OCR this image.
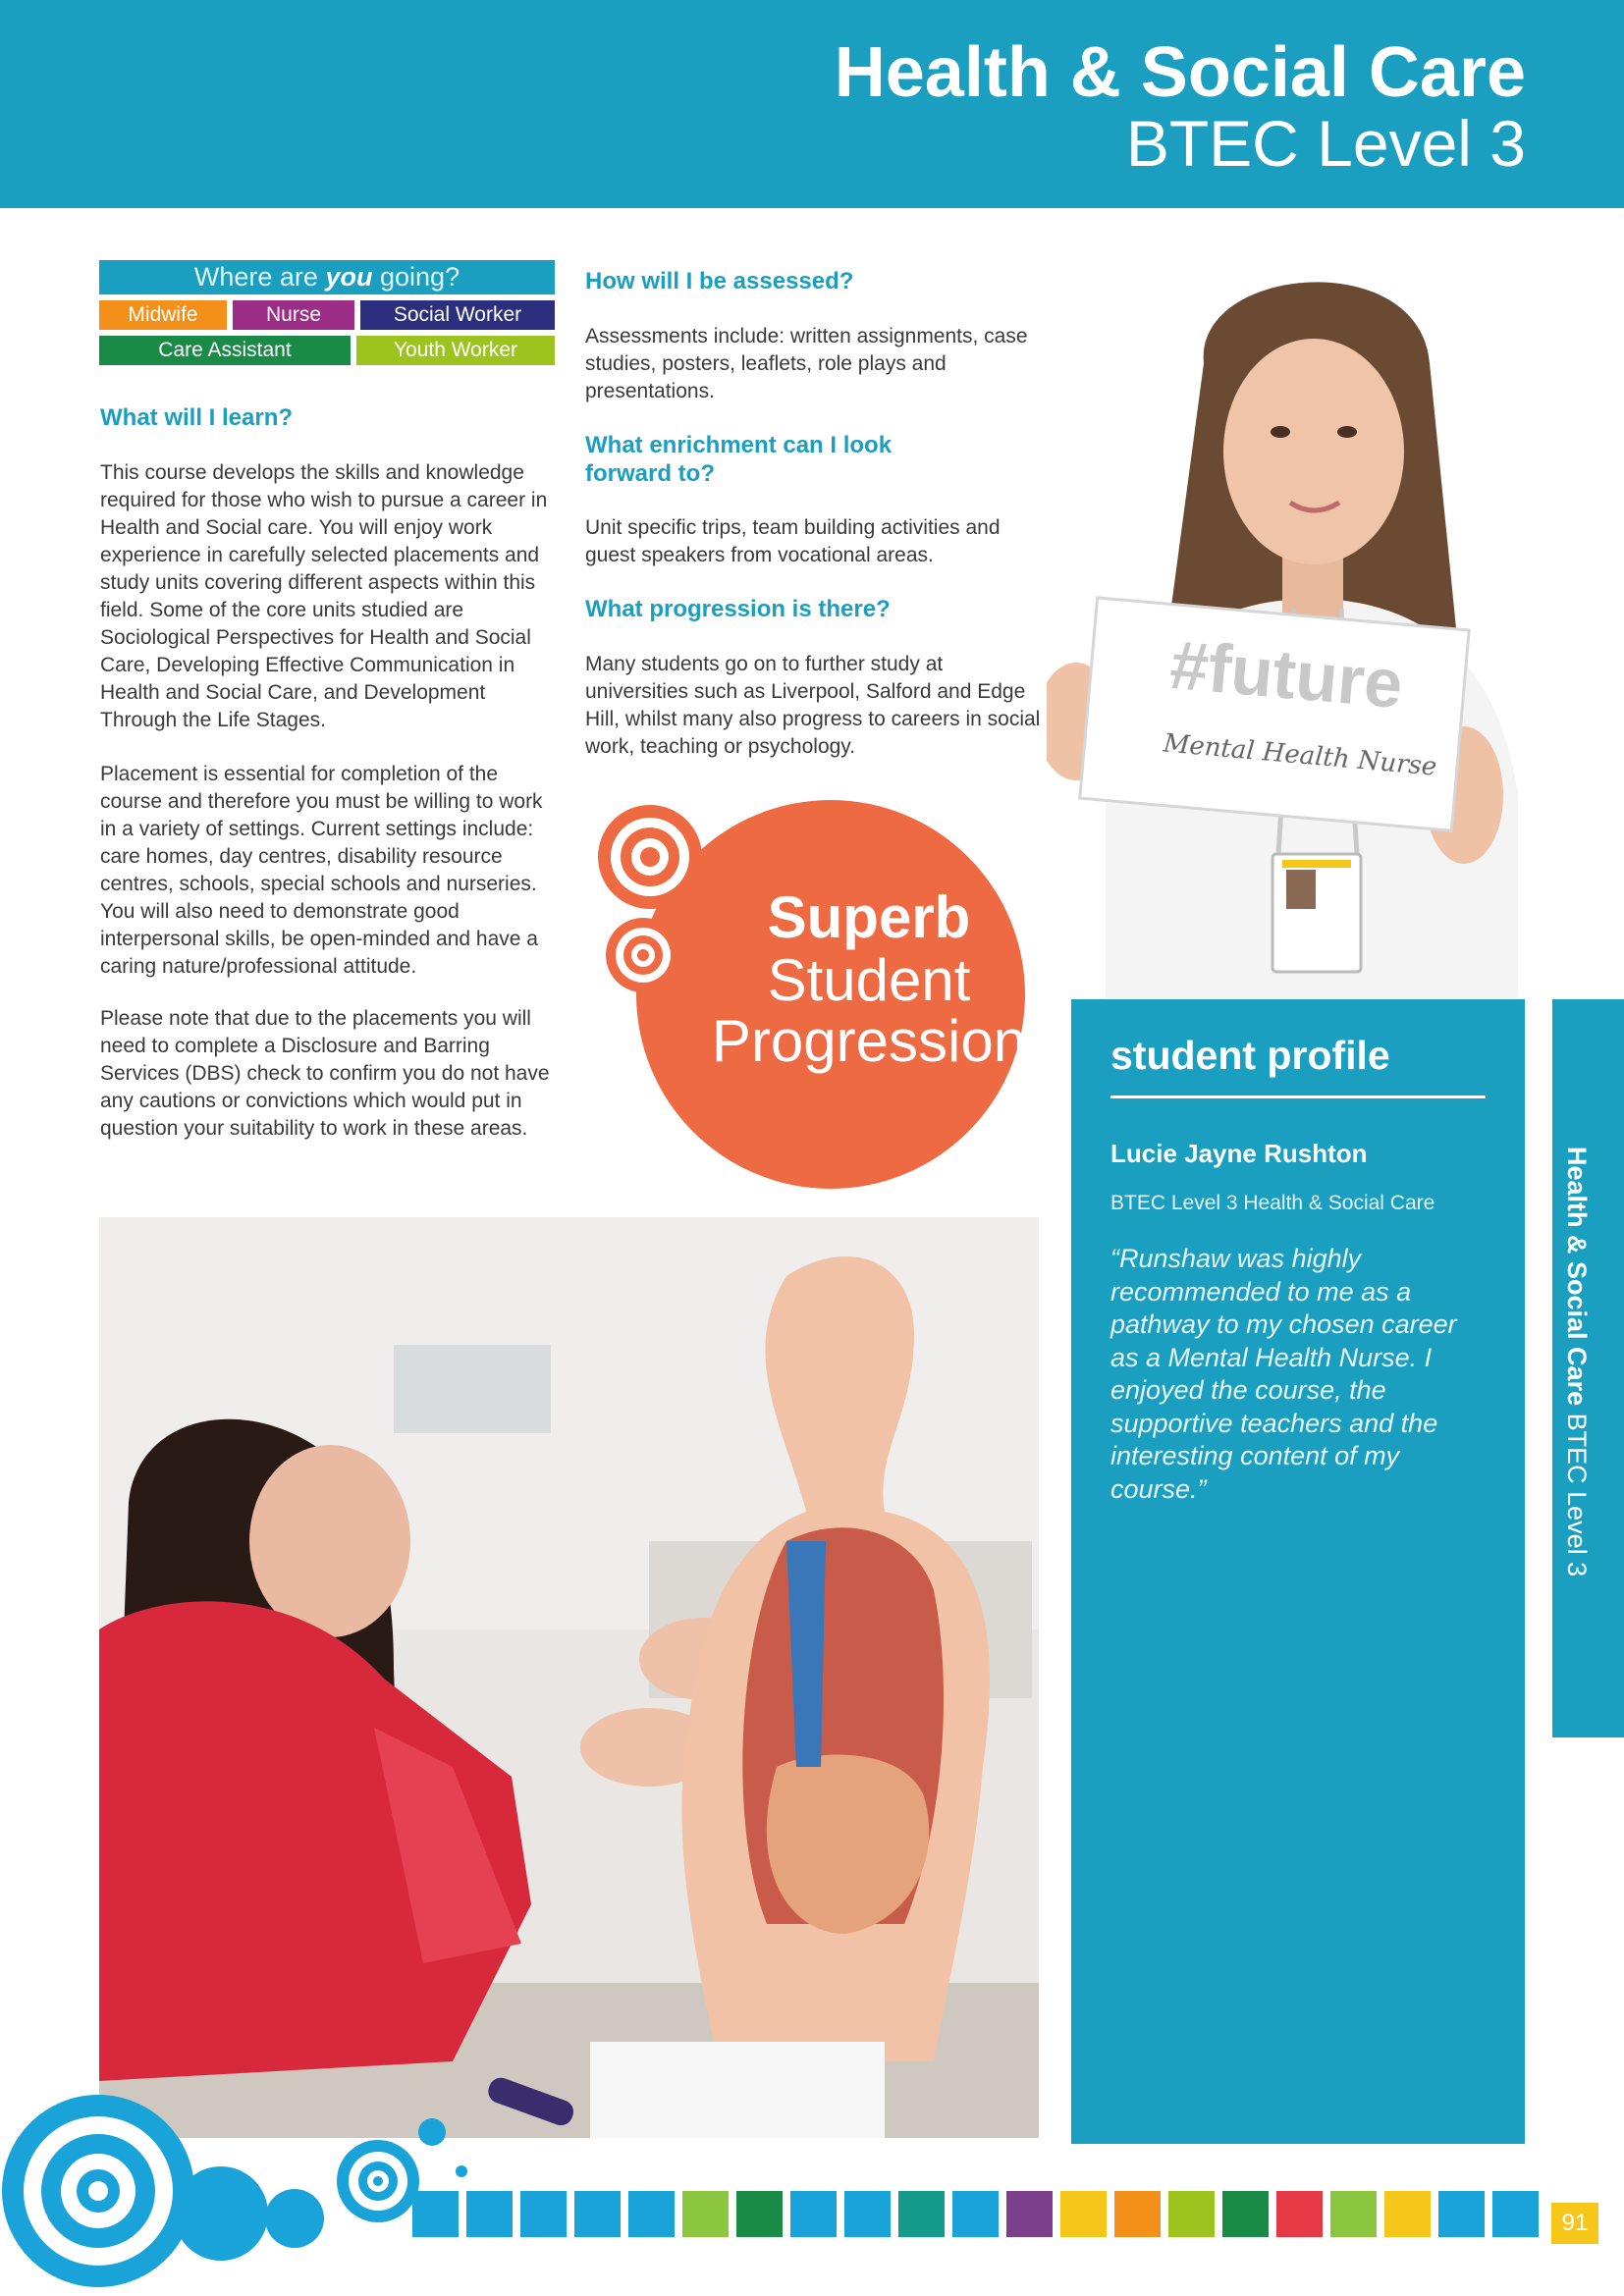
Health & Social Care
BTEC Level 3
Where are you going?
Midwife	Nurse	Social Worker
Care Assistant	Youth Worker
What will I learn?
This course develops the skills and knowledge required for those who wish to pursue a career in Health and Social care. You will enjoy work experience in carefully selected placements and study units covering different aspects within this field. Some of the core units studied are Sociological Perspectives for Health and Social Care, Developing Effective Communication in Health and Social Care, and Development Through the Life Stages.
Placement is essential for completion of the course and therefore you must be willing to work in a variety of settings. Current settings include: care homes, day centres, disability resource centres, schools, special schools and nurseries. You will also need to demonstrate good interpersonal skills, be open-minded and have a caring nature/professional attitude.
Please note that due to the placements you will need to complete a Disclosure and Barring Services (DBS) check to confirm you do not have any cautions or convictions which would put in question your suitability to work in these areas.
How will I be assessed?
Assessments include: written assignments, case studies, posters, leaflets, role plays and presentations.
What enrichment can I look forward to?
Unit specific trips, team building activities and guest speakers from vocational areas.
What progression is there?
Many students go on to further study at universities such as Liverpool, Salford and Edge Hill, whilst many also progress to careers in social work, teaching or psychology.
#future
Mental Health Nurse
Superb
Student
Progression student profile
Lucie Jayne Rushton
BTEC Level 3 Health & Social Care
“Runshaw was highly recommended to me as a pathway to my chosen career as a Mental Health Nurse. I enjoyed the course, the supportive teachers and the interesting content of my course.”
Health & Social Care BTEC Level 3
91
